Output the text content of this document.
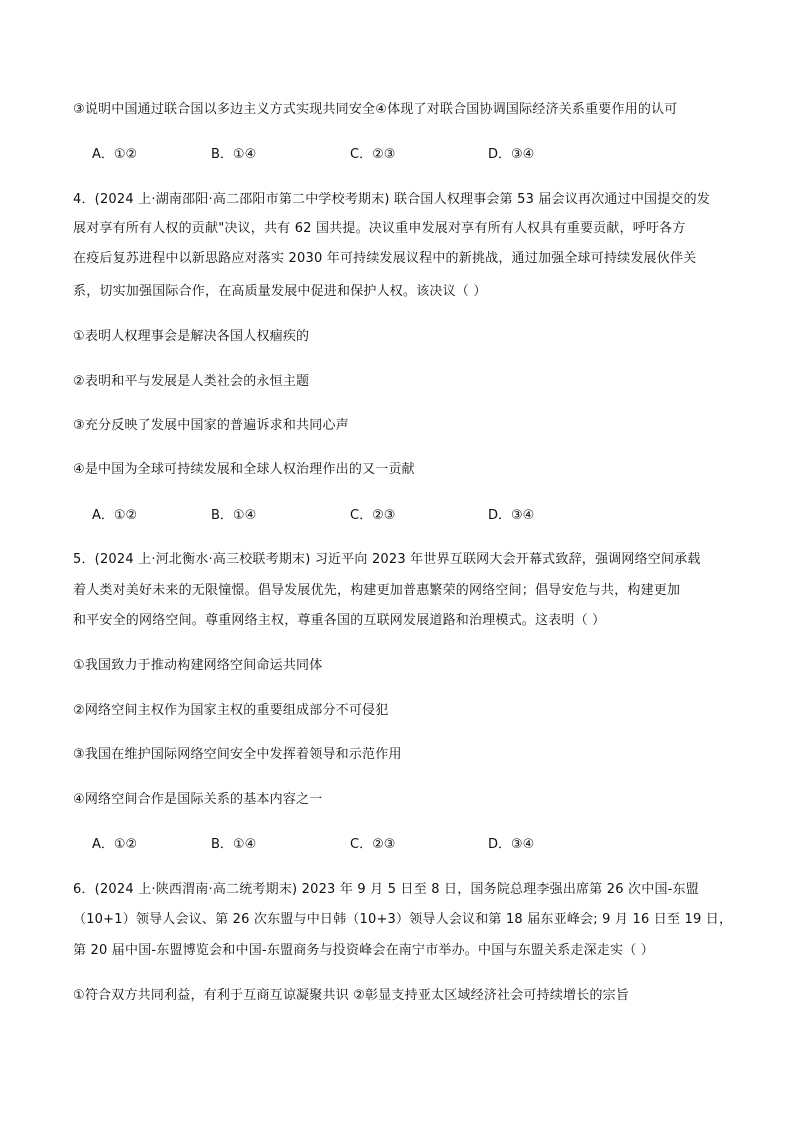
③说明中国通过联合国以多边主义方式实现共同安全④体现了对联合国协调国际经济关系重要作用的认可
A．①②	B．①④	C．②③	D．③④
4．(2024 上·湖南邵阳·高二邵阳市第二中学校考期末) 联合国人权理事会第 53 届会议再次通过中国提交的发
展对享有所有人权的贡献"决议，共有 62 国共提。决议重申发展对享有所有人权具有重要贡献，呼吁各方
在疫后复苏进程中以新思路应对落实 2030 年可持续发展议程中的新挑战，通过加强全球可持续发展伙伴关
系，切实加强国际合作，在高质量发展中促进和保护人权。该决议（ ）
①表明人权理事会是解决各国人权痼疾的
②表明和平与发展是人类社会的永恒主题
③充分反映了发展中国家的普遍诉求和共同心声
④是中国为全球可持续发展和全球人权治理作出的又一贡献
A．①②	B．①④	C．②③	D．③④
5．(2024 上·河北衡水·高三校联考期末) 习近平向 2023 年世界互联网大会开幕式致辞，强调网络空间承载
着人类对美好未来的无限憧憬。倡导发展优先，构建更加普惠繁荣的网络空间；倡导安危与共，构建更加
和平安全的网络空间。尊重网络主权，尊重各国的互联网发展道路和治理模式。这表明（ ）
①我国致力于推动构建网络空间命运共同体
②网络空间主权作为国家主权的重要组成部分不可侵犯
③我国在维护国际网络空间安全中发挥着领导和示范作用
④网络空间合作是国际关系的基本内容之一
A．①②	B．①④	C．②③	D．③④
6．(2024 上·陕西渭南·高二统考期末) 2023 年 9 月 5 日至 8 日，国务院总理李强出席第 26 次中国-东盟
（10+1）领导人会议、第 26 次东盟与中日韩（10+3）领导人会议和第 18 届东亚峰会; 9 月 16 日至 19 日，
第 20 届中国-东盟博览会和中国-东盟商务与投资峰会在南宁市举办。中国与东盟关系走深走实（ ）
①符合双方共同利益，有利于互商互谅凝聚共识 ②彰显支持亚太区域经济社会可持续增长的宗旨
